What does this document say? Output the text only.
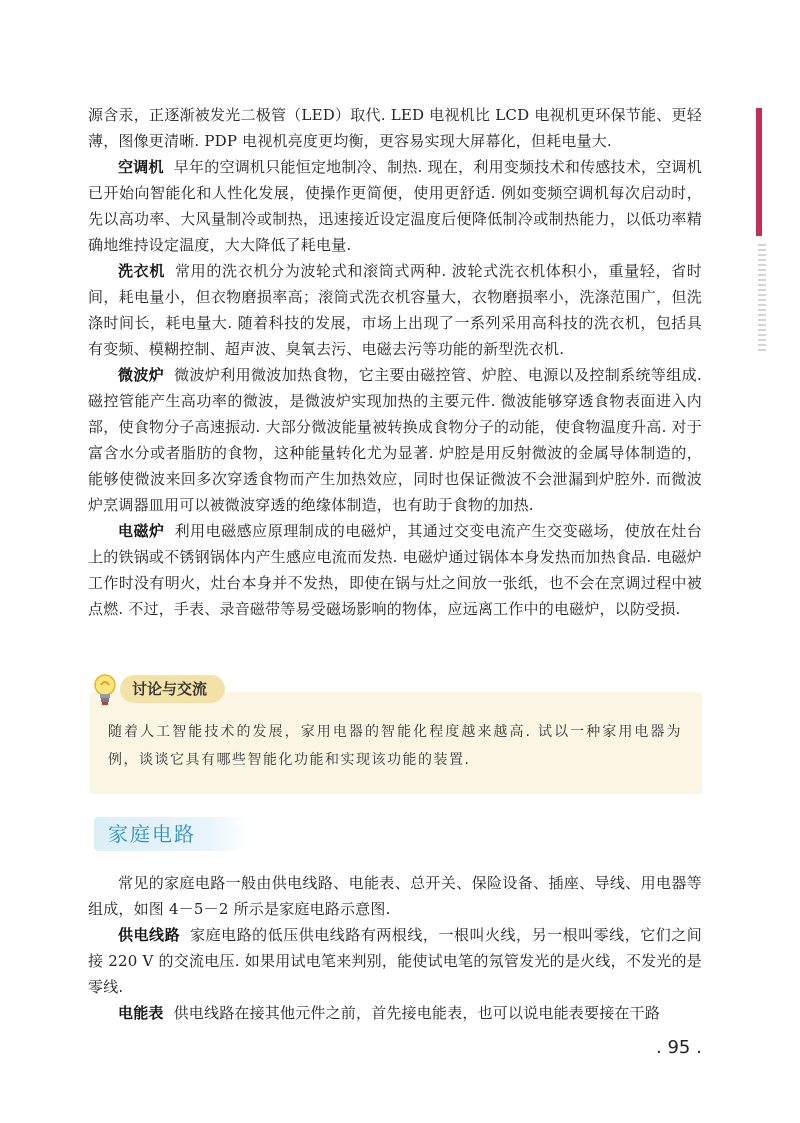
源含汞，正逐渐被发光二极管（LED）取代. LED 电视机比 LCD 电视机更环保节能、更轻薄，图像更清晰. PDP 电视机亮度更均衡，更容易实现大屏幕化，但耗电量大.

空调机 早年的空调机只能恒定地制冷、制热. 现在，利用变频技术和传感技术，空调机已开始向智能化和人性化发展，使操作更简便，使用更舒适. 例如变频空调机每次启动时，先以高功率、大风量制冷或制热，迅速接近设定温度后便降低制冷或制热能力，以低功率精确地维持设定温度，大大降低了耗电量.

洗衣机 常用的洗衣机分为波轮式和滚筒式两种. 波轮式洗衣机体积小，重量轻，省时间，耗电量小，但衣物磨损率高；滚筒式洗衣机容量大，衣物磨损率小，洗涤范围广，但洗涤时间长，耗电量大. 随着科技的发展，市场上出现了一系列采用高科技的洗衣机，包括具有变频、模糊控制、超声波、臭氧去污、电磁去污等功能的新型洗衣机.

微波炉 微波炉利用微波加热食物，它主要由磁控管、炉腔、电源以及控制系统等组成. 磁控管能产生高功率的微波，是微波炉实现加热的主要元件. 微波能够穿透食物表面进入内部，使食物分子高速振动. 大部分微波能量被转换成食物分子的动能，使食物温度升高. 对于富含水分或者脂肪的食物，这种能量转化尤为显著. 炉腔是用反射微波的金属导体制造的，能够使微波来回多次穿透食物而产生加热效应，同时也保证微波不会泄漏到炉腔外. 而微波炉烹调器皿用可以被微波穿透的绝缘体制造，也有助于食物的加热.

电磁炉 利用电磁感应原理制成的电磁炉，其通过交变电流产生交变磁场，使放在灶台上的铁锅或不锈钢锅体内产生感应电流而发热. 电磁炉通过锅体本身发热而加热食品. 电磁炉工作时没有明火，灶台本身并不发热，即使在锅与灶之间放一张纸，也不会在烹调过程中被点燃. 不过，手表、录音磁带等易受磁场影响的物体，应远离工作中的电磁炉，以防受损.

讨论与交流
随着人工智能技术的发展，家用电器的智能化程度越来越高. 试以一种家用电器为例，谈谈它具有哪些智能化功能和实现该功能的装置.
家庭电路

常见的家庭电路一般由供电线路、电能表、总开关、保险设备、插座、导线、用电器等组成，如图 4－5－2 所示是家庭电路示意图.

供电线路 家庭电路的低压供电线路有两根线，一根叫火线，另一根叫零线，它们之间接 220 V 的交流电压. 如果用试电笔来判别，能使试电笔的氖管发光的是火线，不发光的是零线.

电能表 供电线路在接其他元件之前，首先接电能表，也可以说电能表要接在干路

. 95 .
